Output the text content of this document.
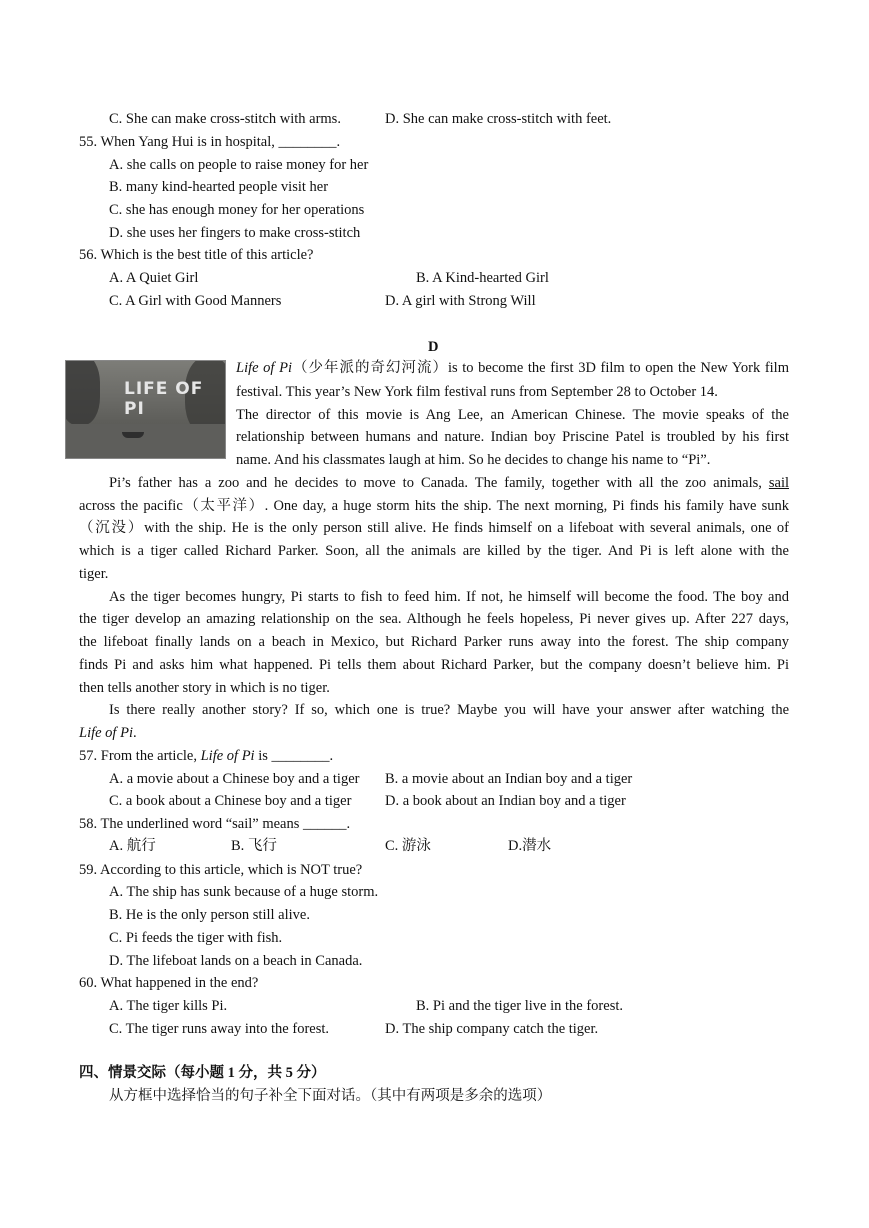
C. She can make cross-stitch with arms.	D. She can make cross-stitch with feet.
55. When Yang Hui is in hospital, ________.
A. she calls on people to raise money for her
B. many kind-hearted people visit her
C. she has enough money for her operations
D. she uses her fingers to make cross-stitch
56. Which is the best title of this article?
A. A Quiet Girl	B. A Kind-hearted Girl
C. A Girl with Good Manners	D. A girl with Strong Will
D
LIFE OF PI
Life of Pi（少年派的奇幻河流）is to become the first 3D film to open the New York film
festival. This year’s New York film festival runs from September 28 to October 14.
The director of this movie is Ang Lee, an American Chinese. The movie speaks of the
relationship between humans and nature. Indian boy Priscine Patel is troubled by his first
name. And his classmates laugh at him. So he decides to change his name to “Pi”.
Pi’s father has a zoo and he decides to move to Canada. The family, together with all the zoo animals, sail
across the pacific（太平洋）. One day, a huge storm hits the ship. The next morning, Pi finds his family have sunk
（沉没）with the ship. He is the only person still alive. He finds himself on a lifeboat with several animals, one of
which is a tiger called Richard Parker. Soon, all the animals are killed by the tiger. And Pi is left alone with the
tiger.
As the tiger becomes hungry, Pi starts to fish to feed him. If not, he himself will become the food. The boy and
the tiger develop an amazing relationship on the sea. Although he feels hopeless, Pi never gives up. After 227 days,
the lifeboat finally lands on a beach in Mexico, but Richard Parker runs away into the forest. The ship company
finds Pi and asks him what happened. Pi tells them about Richard Parker, but the company doesn’t believe him. Pi
then tells another story in which is no tiger.
Is there really another story? If so, which one is true? Maybe you will have your answer after watching the
Life of Pi.
57. From the article, Life of Pi is ________.
A. a movie about a Chinese boy and a tiger B. a movie about an Indian boy and a tiger
C. a book about a Chinese boy and a tiger D. a book about an Indian boy and a tiger
58. The underlined word “sail” means ______.
A. 航行	B. 飞行	C. 游泳	D.潜水
59. According to this article, which is NOT true?
A. The ship has sunk because of a huge storm.
B. He is the only person still alive.
C. Pi feeds the tiger with fish.
D. The lifeboat lands on a beach in Canada.
60. What happened in the end?
A. The tiger kills Pi.	B. Pi and the tiger live in the forest.
C. The tiger runs away into the forest.	D. The ship company catch the tiger.
四、情景交际（每小题 1 分，共 5 分）
从方框中选择恰当的句子补全下面对话。（其中有两项是多余的选项）
